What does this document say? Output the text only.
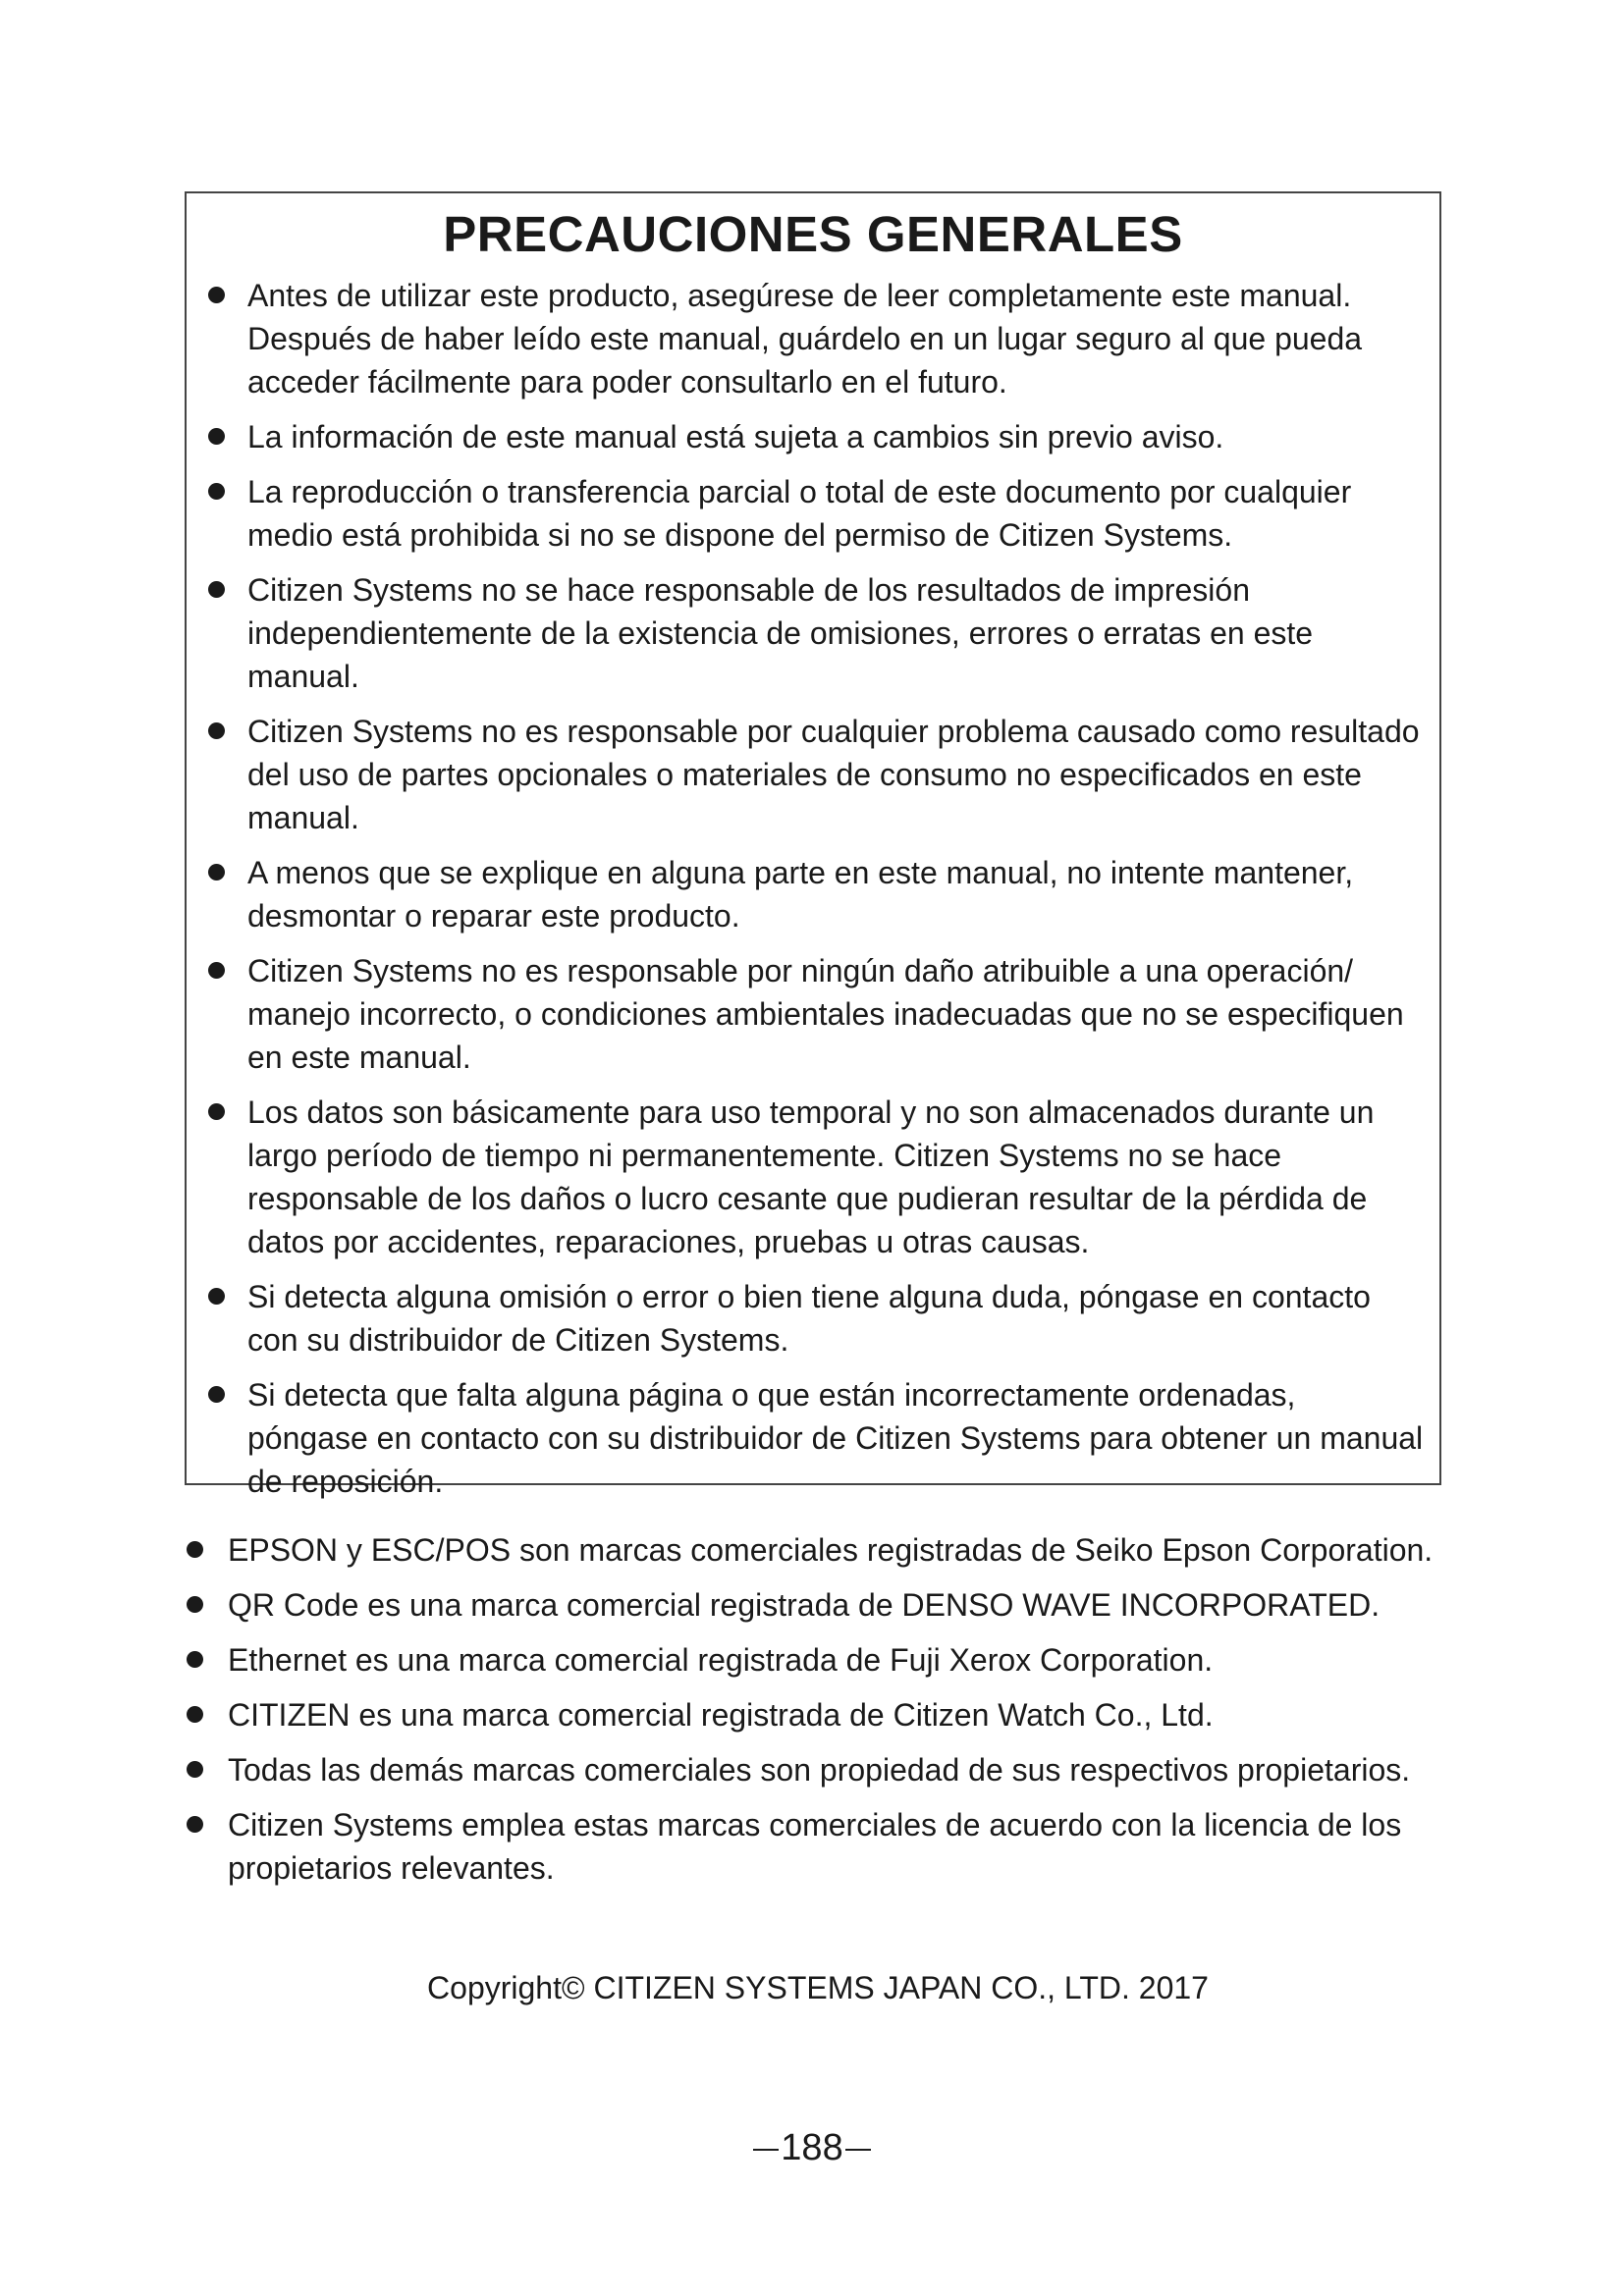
PRECAUCIONES GENERALES
Antes de utilizar este producto, asegúrese de leer completamente este manual. Después de haber leído este manual, guárdelo en un lugar seguro al que pueda acceder fácilmente para poder consultarlo en el futuro.
La información de este manual está sujeta a cambios sin previo aviso.
La reproducción o transferencia parcial o total de este documento por cualquier medio está prohibida si no se dispone del permiso de Citizen Systems.
Citizen Systems no se hace responsable de los resultados de impresión independientemente de la existencia de omisiones, errores o erratas en este manual.
Citizen Systems no es responsable por cualquier problema causado como resultado del uso de partes opcionales o materiales de consumo no especificados en este manual.
A menos que se explique en alguna parte en este manual, no intente mantener, desmontar o reparar este producto.
Citizen Systems no es responsable por ningún daño atribuible a una operación/ manejo incorrecto, o condiciones ambientales inadecuadas que no se especifiquen en este manual.
Los datos son básicamente para uso temporal y no son almacenados durante un largo período de tiempo ni permanentemente. Citizen Systems no se hace responsable de los daños o lucro cesante que pudieran resultar de la pérdida de datos por accidentes, reparaciones, pruebas u otras causas.
Si detecta alguna omisión o error o bien tiene alguna duda, póngase en contacto con su distribuidor de Citizen Systems.
Si detecta que falta alguna página o que están incorrectamente ordenadas, póngase en contacto con su distribuidor de Citizen Systems para obtener un manual de reposición.
EPSON y ESC/POS son marcas comerciales registradas de Seiko Epson Corporation.
QR Code es una marca comercial registrada de DENSO WAVE INCORPORATED.
Ethernet es una marca comercial registrada de Fuji Xerox Corporation.
CITIZEN es una marca comercial registrada de Citizen Watch Co., Ltd.
Todas las demás marcas comerciales son propiedad de sus respectivos propietarios.
Citizen Systems emplea estas marcas comerciales de acuerdo con la licencia de los propietarios relevantes.
Copyright© CITIZEN SYSTEMS JAPAN CO., LTD. 2017
188
